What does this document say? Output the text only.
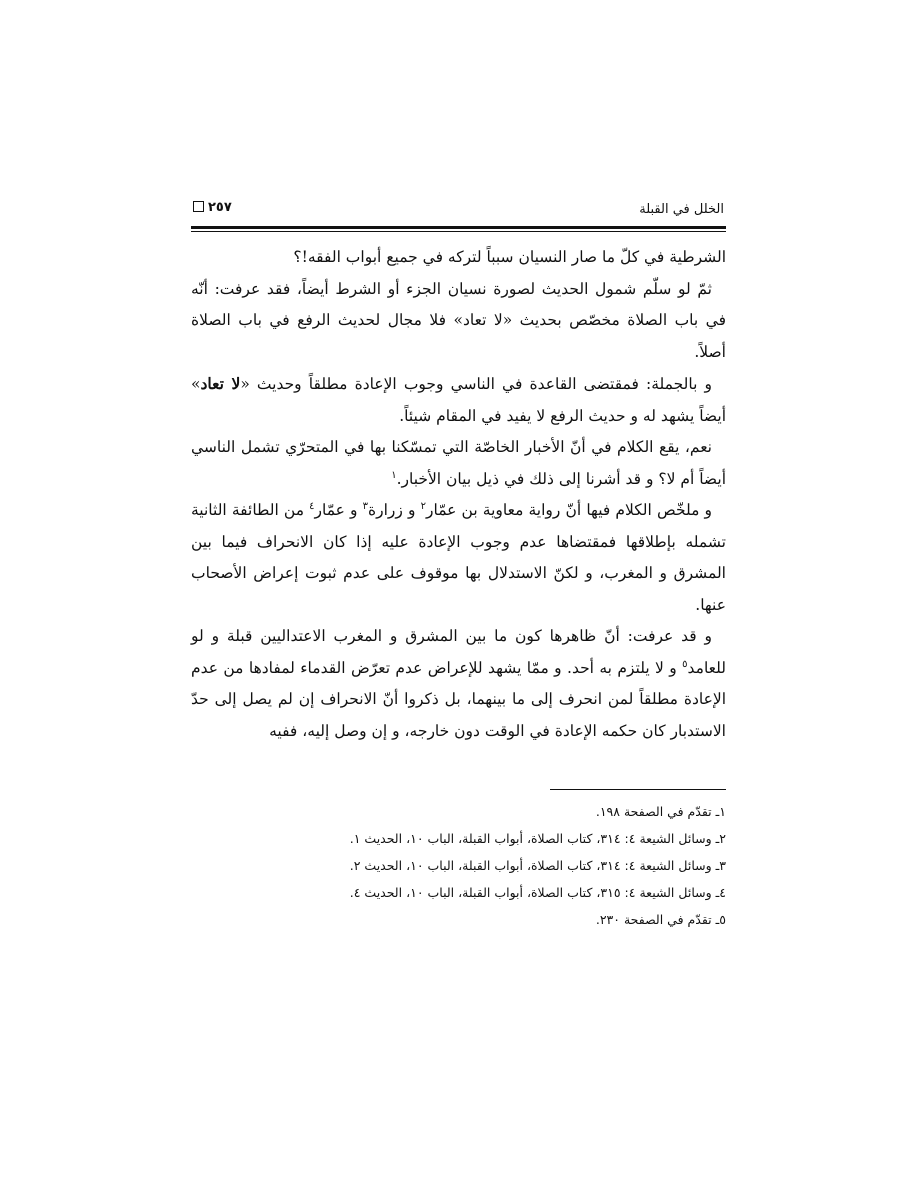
الخلل في القبلة
٢٥٧

الشرطية في كلّ ما صار النسيان سبباً لتركه في جميع أبواب الفقه!؟

ثمّ لو سلّم شمول الحديث لصورة نسيان الجزء أو الشرط أيضاً، فقد عرفت: أنّه في باب الصلاة مخصّص بحديث «لا تعاد» فلا مجال لحديث الرفع في باب الصلاة أصلاً.

و بالجملة: فمقتضى القاعدة في الناسي وجوب الإعادة مطلقاً وحديث «لا تعاد» أيضاً يشهد له و حديث الرفع لا يفيد في المقام شيئاً.

نعم، يقع الكلام في أنّ الأخبار الخاصّة التي تمسّكنا بها في المتحرّي تشمل الناسي أيضاً أم لا؟ و قد أشرنا إلى ذلك في ذيل بيان الأخبار.$^١$

و ملخّص الكلام فيها أنّ رواية معاوية بن عمّار$^٢$ و زرارة$^٣$ و عمّار$^٤$ من الطائفة الثانية تشمله بإطلاقها فمقتضاها عدم وجوب الإعادة عليه إذا كان الانحراف فيما بين المشرق و المغرب، و لكنّ الاستدلال بها موقوف على عدم ثبوت إعراض الأصحاب عنها.

و قد عرفت: أنّ ظاهرها كون ما بين المشرق و المغرب الاعتداليين قبلة و لو للعامد$^٥$ و لا يلتزم به أحد. و ممّا يشهد للإعراض عدم تعرّض القدماء لمفادها من عدم الإعادة مطلقاً لمن انحرف إلى ما بينهما، بل ذكروا أنّ الانحراف إن لم يصل إلى حدّ الاستدبار كان حكمه الإعادة في الوقت دون خارجه، و إن وصل إليه، ففيه

١ـ تقدّم في الصفحة ١٩٨.
٢ـ وسائل الشيعة ٤: ٣١٤، كتاب الصلاة، أبواب القبلة، الباب ١٠، الحديث ١.
٣ـ وسائل الشيعة ٤: ٣١٤، كتاب الصلاة، أبواب القبلة، الباب ١٠، الحديث ٢.
٤ـ وسائل الشيعة ٤: ٣١٥، كتاب الصلاة، أبواب القبلة، الباب ١٠، الحديث ٤.
٥ـ تقدّم في الصفحة ٢٣٠.
